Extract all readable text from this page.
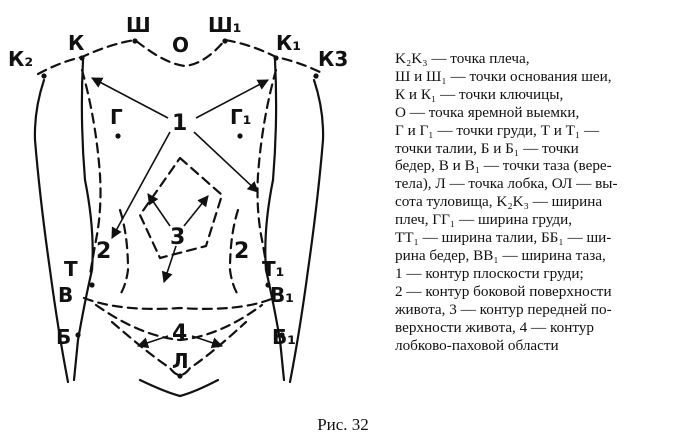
К₂
К
Ш
О
Ш₁
К₁
К3
Г	Г₁
Т	Т₁
В	В₁
Б	Б₁
Л
1
2	2
3
4
K₂K₃ — точка плеча,
Ш и Ш₁ — точки основания шеи,
К и К₁ — точки ключицы,
О — точка яремной выемки,
Г и Г₁ — точки груди, Т и Т₁ —
точки талии, Б и Б₁ — точки
бедер, В и В₁ — точки таза (вере-
тела), Л — точка лобка, ОЛ — вы-
сота туловища, K₂K₃ — ширина
плеч, ГГ₁ — ширина груди,
ТТ₁ — ширина талии, ББ₁ — ши-
рина бедер, ВВ₁ — ширина таза,
1 — контур плоскости груди;
2 — контур боковой поверхности
живота, 3 — контур передней по-
верхности живота, 4 — контур
лобково-паховой области
Рис. 32
